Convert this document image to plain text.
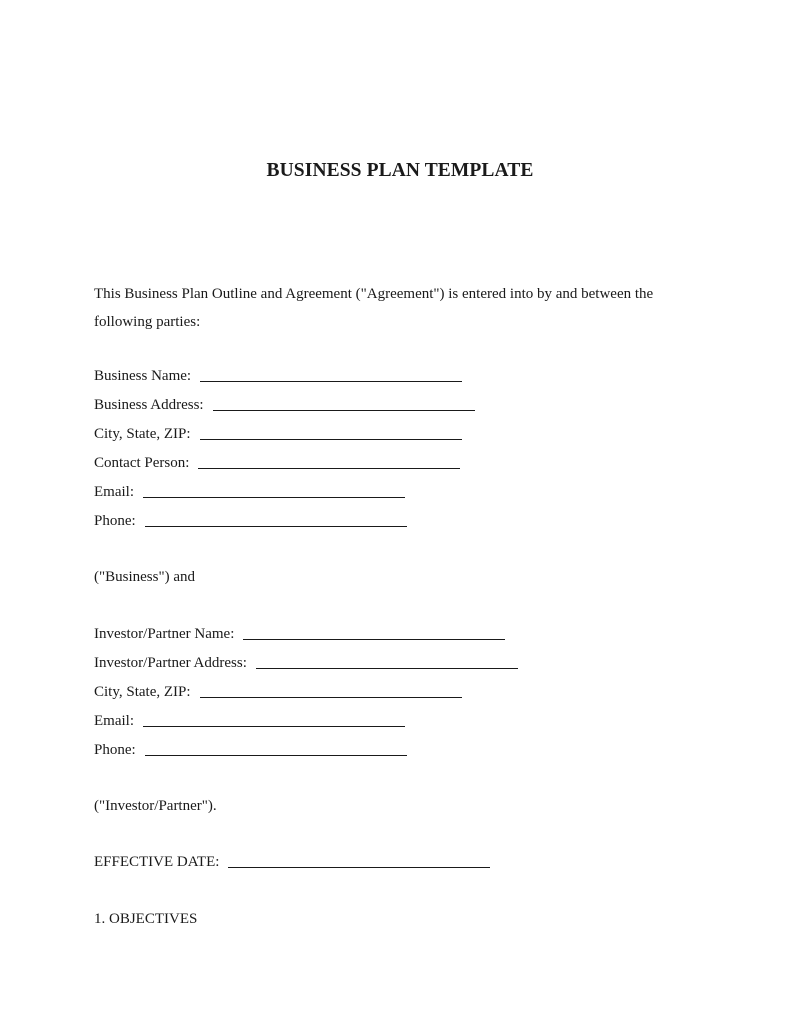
BUSINESS PLAN TEMPLATE
This Business Plan Outline and Agreement ("Agreement") is entered into by and between the following parties:
Business Name:
Business Address:
City, State, ZIP:
Contact Person:
Email:
Phone:
("Business") and
Investor/Partner Name:
Investor/Partner Address:
City, State, ZIP:
Email:
Phone:
("Investor/Partner").
EFFECTIVE DATE:
1. OBJECTIVES
